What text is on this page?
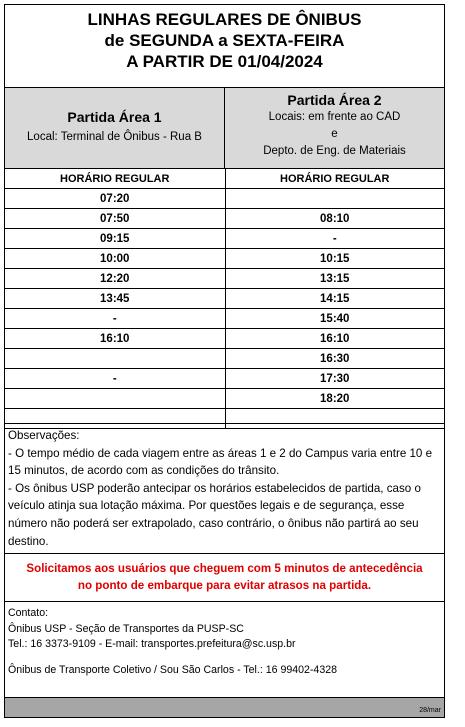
LINHAS REGULARES DE ÔNIBUS
de SEGUNDA a SEXTA-FEIRA
A PARTIR DE 01/04/2024
Partida Área 1
Local: Terminal de Ônibus - Rua B
Partida Área 2
Locais: em frente ao CAD
e
Depto. de Eng. de Materiais
HORÁRIO REGULAR	HORÁRIO REGULAR
07:20	
07:50	08:10
09:15	-
10:00	10:15
12:20	13:15
13:45	14:15
-	15:40
16:10	16:10
	16:30
-	17:30
	18:20

Observações:

- O tempo médio de cada viagem entre as áreas 1 e 2 do Campus varia entre 10 e 15 minutos, de acordo com as condições do trânsito.

- Os ônibus USP poderão antecipar os horários estabelecidos de partida, caso o veículo atinja sua lotação máxima. Por questões legais e de segurança, esse número não poderá ser extrapolado, caso contrário, o ônibus não partirá ao seu destino.

Solicitamos aos usuários que cheguem com 5 minutos de antecedência
no ponto de embarque para evitar atrasos na partida.
Contato:
Ônibus USP - Seção de Transportes da PUSP-SC
Tel.: 16 3373-9109 - E-mail: transportes.prefeitura@sc.usp.br
Ônibus de Transporte Coletivo / Sou São Carlos - Tel.: 16 99402-4328
28/mar
